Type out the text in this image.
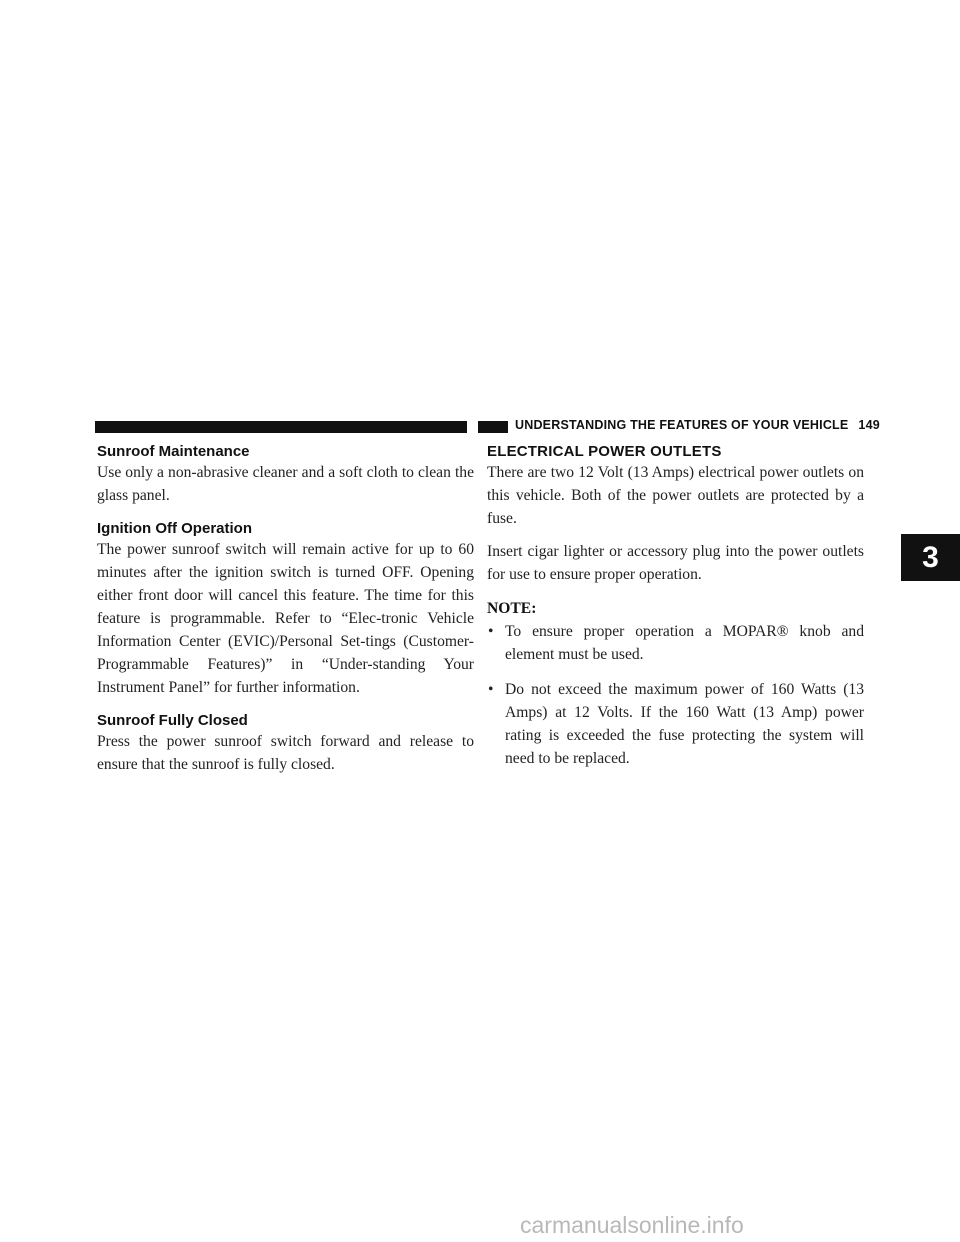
UNDERSTANDING THE FEATURES OF YOUR VEHICLE 149
Sunroof Maintenance

Use only a non-abrasive cleaner and a soft cloth to clean the glass panel.

Ignition Off Operation

The power sunroof switch will remain active for up to 60 minutes after the ignition switch is turned OFF. Opening either front door will cancel this feature. The time for this feature is programmable. Refer to “Elec-tronic Vehicle Information Center (EVIC)/Personal Set-tings (Customer-Programmable Features)” in “Under-standing Your Instrument Panel” for further information.

Sunroof Fully Closed

Press the power sunroof switch forward and release to ensure that the sunroof is fully closed.

ELECTRICAL POWER OUTLETS

There are two 12 Volt (13 Amps) electrical power outlets on this vehicle. Both of the power outlets are protected by a fuse.

Insert cigar lighter or accessory plug into the power outlets for use to ensure proper operation.

NOTE:
• To ensure proper operation a MOPAR® knob and element must be used.
• Do not exceed the maximum power of 160 Watts (13 Amps) at 12 Volts. If the 160 Watt (13 Amp) power rating is exceeded the fuse protecting the system will need to be replaced.
3
carmanualsonline.info
